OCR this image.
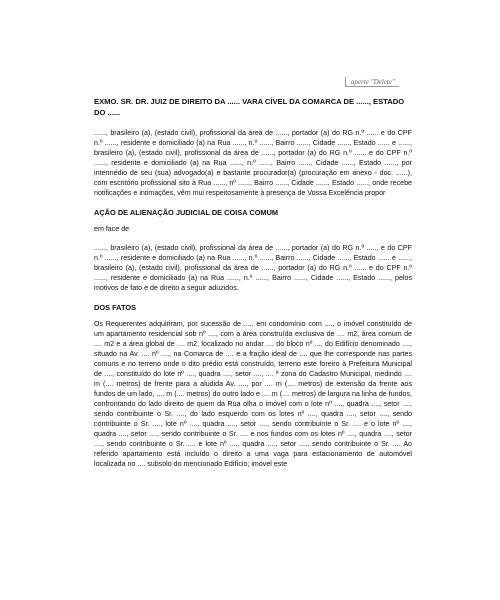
aperte "Delete"
EXMO. SR. DR. JUIZ DE DIREITO DA ...... VARA CÍVEL DA COMARCA DE ......, ESTADO DO ......
......, brasileiro (a), (estado civil), profissional da área de ......, portador (a) do RG n.º ...... e do CPF n.º ......, residente e domiciliado (a) na Rua ......, n.º ......, Bairro ......, Cidade ......, Estado ...... e ......, brasileiro (a), (estado civil), profissional da área de ......, portador (a) do RG n.º ...... e do CPF n.º ......, residente e domiciliado (a) na Rua ......, n.º ......, Bairro ......, Cidade ......, Estado ......, por intermédio de seu (sua) advogado(a) e bastante procurador(a) (procuração em anexo - doc. ......), com escritório profissional sito à Rua ......, nº ......, Bairro ......, Cidade ......, Estado ......, onde recebe notificações e intimações, vêm mui respeitosamente à presença de Vossa Excelência propor
AÇÃO DE ALIENAÇÃO JUDICIAL DE COISA COMUM
em face de
......, brasileiro (a), (estado civil), profissional da área de ......, portador (a) do RG n.º ...... e do CPF n.º ......, residente e domiciliado (a) na Rua ......, n.º ......, Bairro ......, Cidade ......, Estado ...... e ......, brasileiro (a), (estado civil), profissional da área de ......, portador (a) do RG n.º ...... e do CPF n.º ......, residente e domiciliado (a) na Rua ......, n.º ......, Bairro ......, Cidade ......, Estado ......, pelos motivos de fato e de direito a seguir aduzidos.
DOS FATOS
Os Requerentes adquiriram, por sucessão de ...., em condomínio com ...., o imóvel constituído de um apartamento residencial sob nº ...., com a área construída exclusiva de .... m2, área comum de .... m2 e a área global de .... m2, localizado no andar .... do bloco nº .... do Edifício denominado ...., situado na Av. .... nº ...., na Comarca de .... e a fração ideal de .... que lhe corresponde nas partes comuns e no terreno onde o dito prédio está construído, terreno este foreiro à Prefeitura Municipal de ...., constituído do lote nº ...., quadra ...., setor ...., .... ª zona do Cadastro Municipal, medindo .... m (.... metros) de frente para a aludida Av. ...., por .... m (.... metros) de extensão da frente aos fundos de um lado, .... m (.... metros) do outro lado e .... m (.... metros) de largura na linha de fundos, confrontando do lado direito de quem da Rua olha o imóvel com o lote nº ...., quadra ...., setor ...., sendo contribuinte o Sr. ...., do lado esquerdo com os lotes nº ...., quadra ...., setor ...., sendo contribuinte o Sr. ...., lote nº ...., quadra ...., setor ...., sendo contribuinte o Sr. .... e o lote nº ...., quadra ...., setor ...., sendo contribuinte o Sr. .... e nos fundos com os lotes nº ...., quadra ...., setor ...., sendo contribuinte o Sr. .... e lote nº ...., quadra ...., setor ...., sendo contribuinte o Sr. .... Ao referido apartamento está incluído o direito a uma vaga para estacionamento de automóvel localizada no .... subsolo do mencionado Edifício; imóvel este
